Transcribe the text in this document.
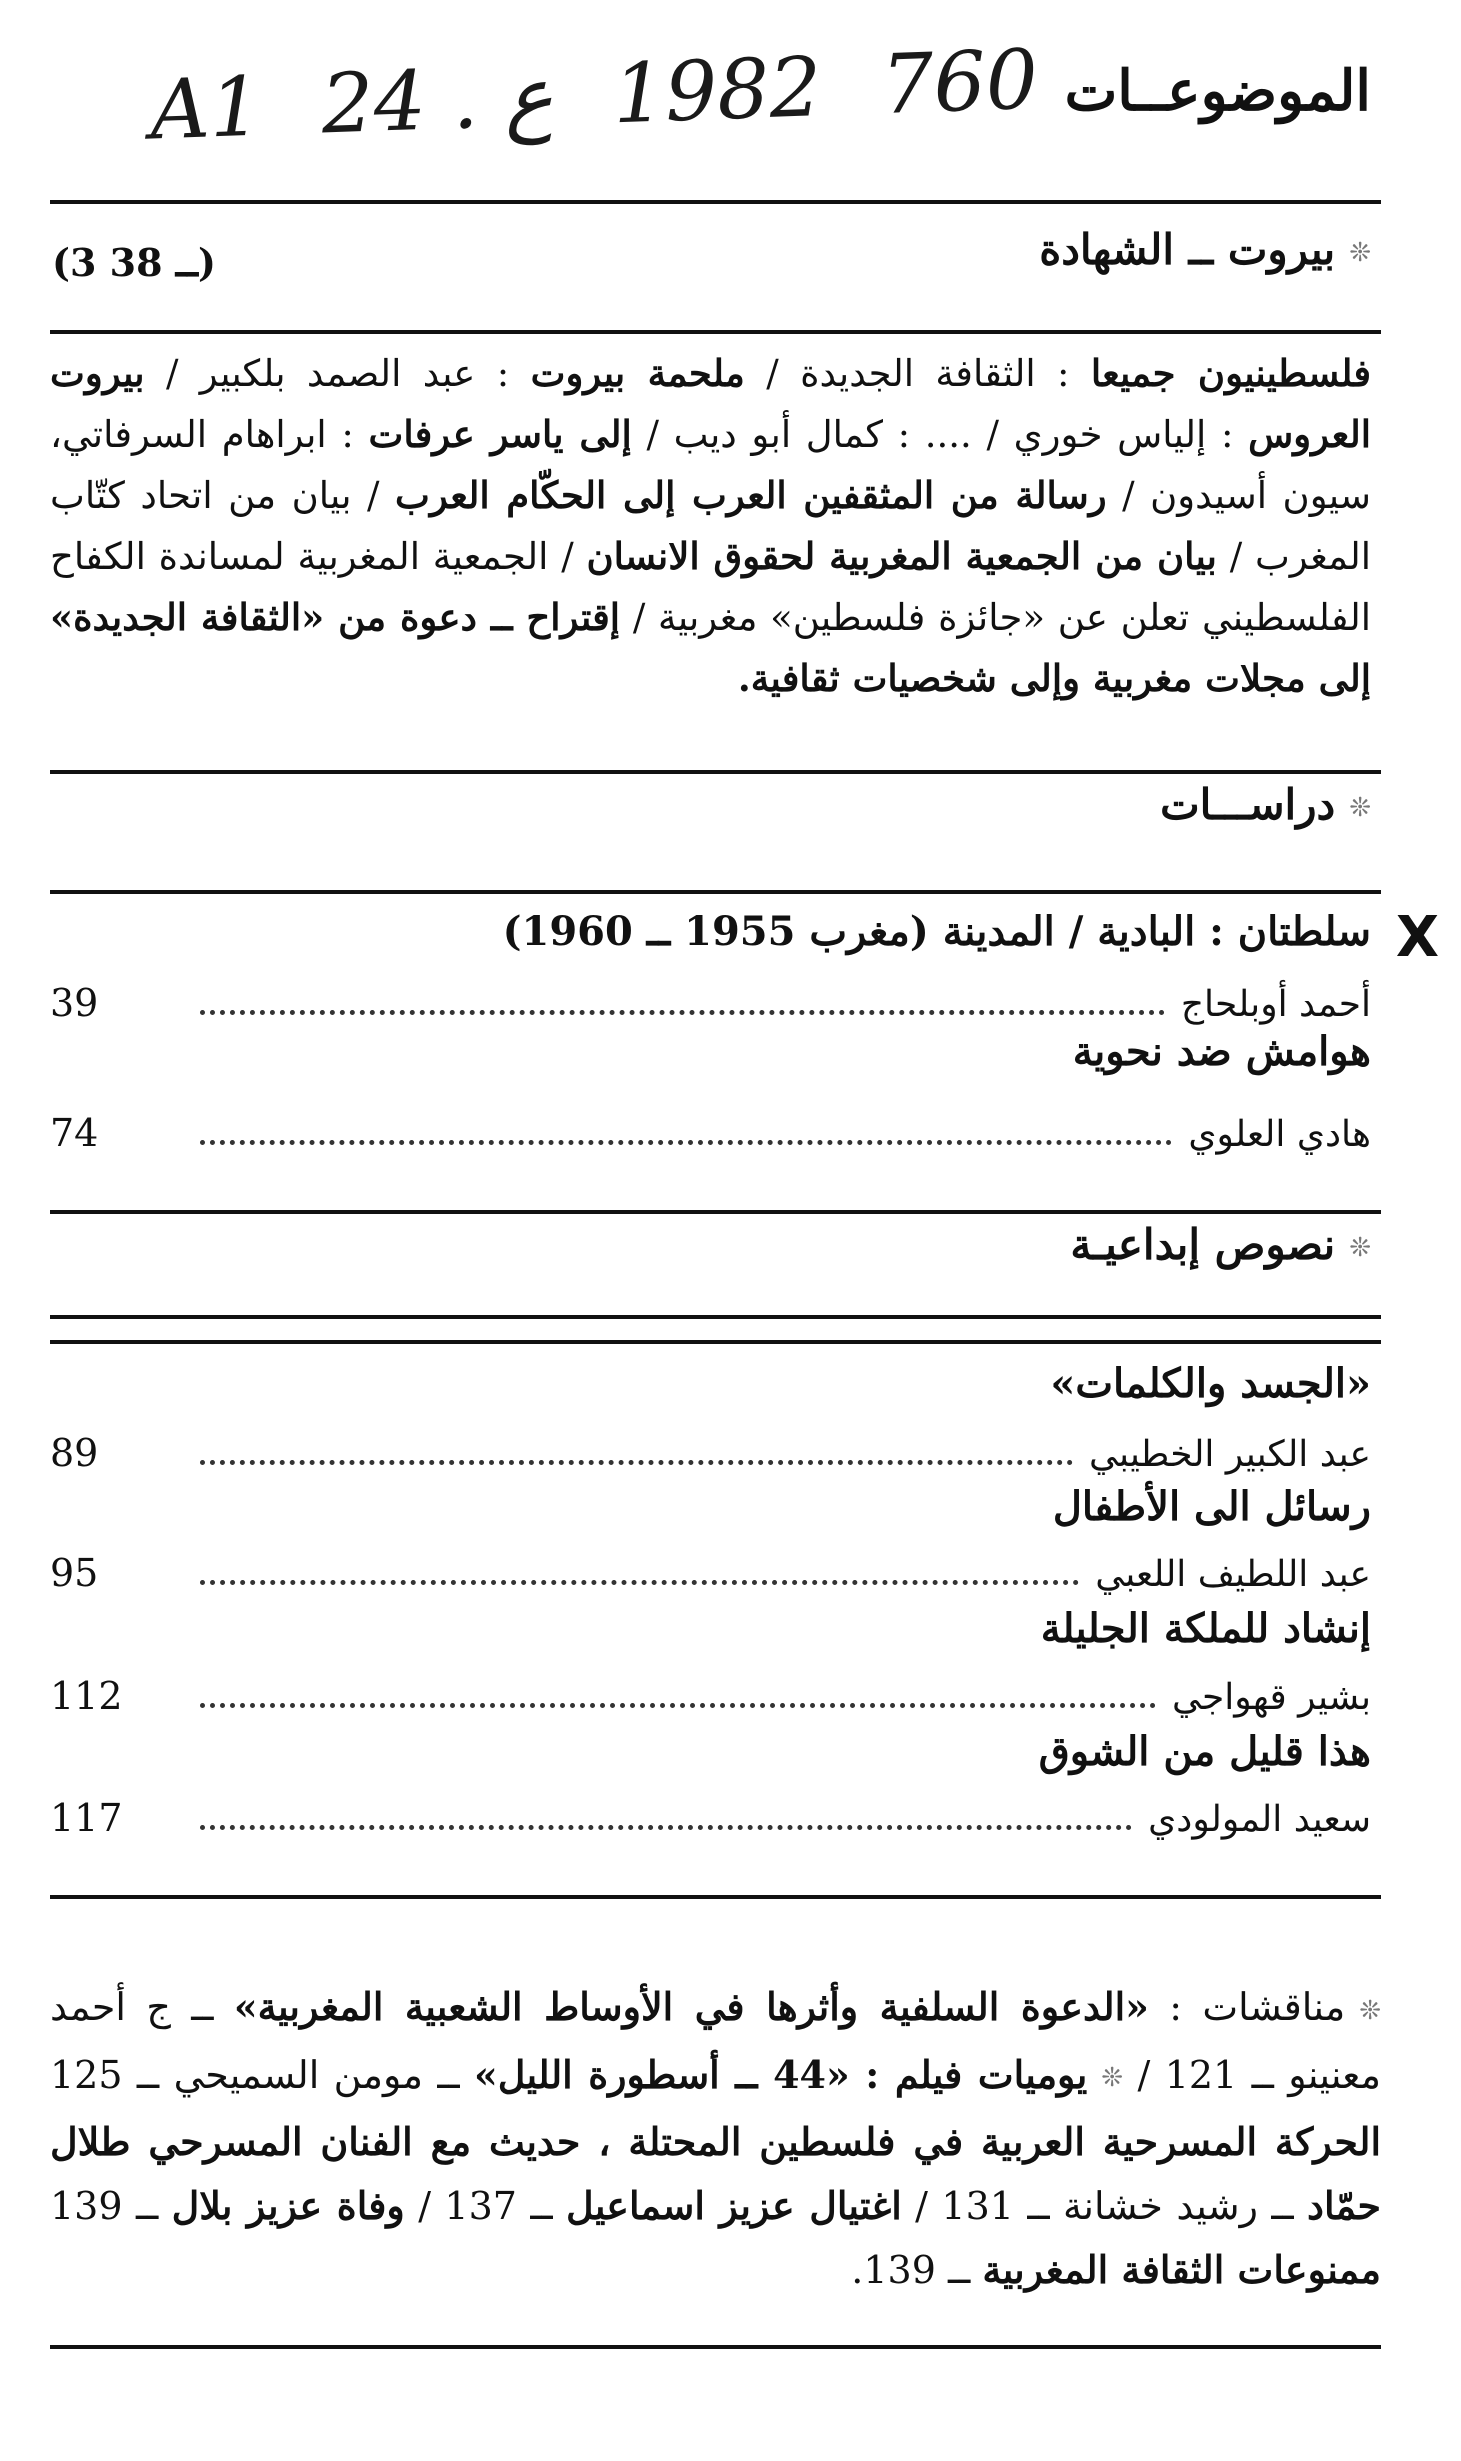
A1 24 . ع 1982 760 الموضوعــات
❊بيروت ــ الشهادة
(3 ــ 38)
فلسطينيون جميعا : الثقافة الجديدة / ملحمة بيروت : عبد الصمد بلكبير / بيروت العروس : إلياس خوري / .... : كمال أبو ديب / إلى ياسر عرفات : ابراهام السرفاتي، سيون أسيدون / رسالة من المثقفين العرب إلى الحكّام العرب / بيان من اتحاد كتّاب المغرب / بيان من الجمعية المغربية لحقوق الانسان / الجمعية المغربية لمساندة الكفاح الفلسطيني تعلن عن «جائزة فلسطين» مغربية / إقتراح ــ دعوة من «الثقافة الجديدة» إلى مجلات مغربية وإلى شخصيات ثقافية.
❊دراســـات
X
سلطتان : البادية / المدينة (مغرب 1955 ــ 1960)
أحمد أوبلحاج
39
هوامش ضد نحوية
هادي العلوي
74
❊نصوص إبداعيـة
«الجسد والكلمات»
عبد الكبير الخطيبي
89
رسائل الى الأطفال
عبد اللطيف اللعبي
95
إنشاد للملكة الجليلة
بشير قهواجي
112
هذا قليل من الشوق
سعيد المولودي
117
❊مناقشات : «الدعوة السلفية وأثرها في الأوساط الشعبية المغربية» ــ ج أحمد معنينو ــ 121 / ❊يوميات فيلم : «44 ــ أسطورة الليل» ــ مومن السميحي ــ 125 الحركة المسرحية العربية في فلسطين المحتلة ، حديث مع الفنان المسرحي طلال حمّاد ــ رشيد خشانة ــ 131 / اغتيال عزيز اسماعيل ــ 137 / وفاة عزيز بلال ــ 139 ممنوعات الثقافة المغربية ــ 139.
